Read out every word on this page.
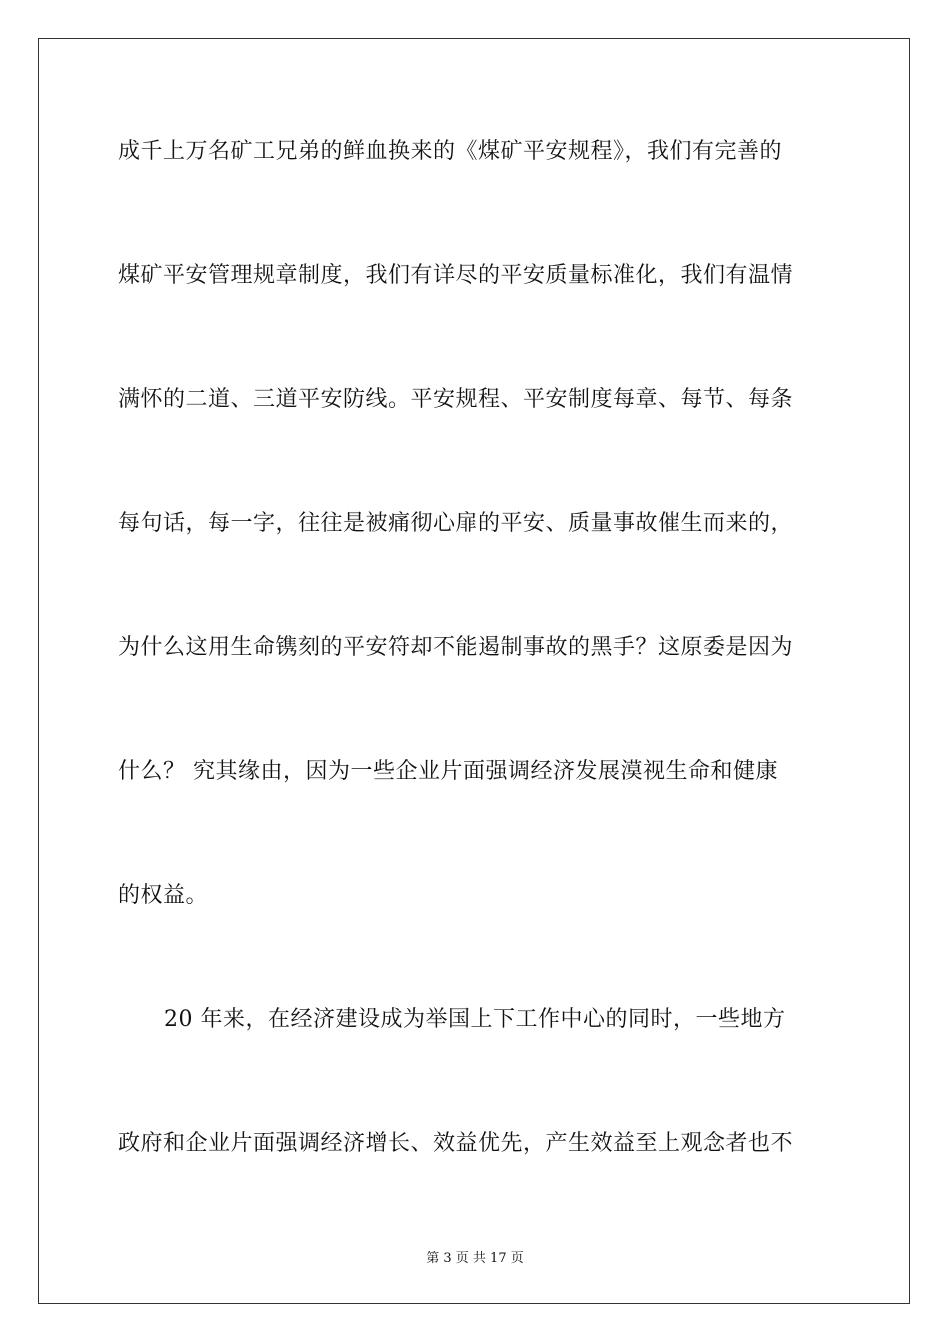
成千上万名矿工兄弟的鲜血换来的《煤矿平安规程》，我们有完善的
煤矿平安管理规章制度，我们有详尽的平安质量标准化，我们有温情
满怀的二道、三道平安防线。平安规程、平安制度每章、每节、每条
每句话，每一字，往往是被痛彻心扉的平安、质量事故催生而来的，
为什么这用生命镌刻的平安符却不能遏制事故的黑手？这原委是因为
什么？ 究其缘由，因为一些企业片面强调经济发展漠视生命和健康
的权益。
20 年来，在经济建设成为举国上下工作中心的同时，一些地方
政府和企业片面强调经济增长、效益优先，产生效益至上观念者也不
第 3 页 共 17 页
